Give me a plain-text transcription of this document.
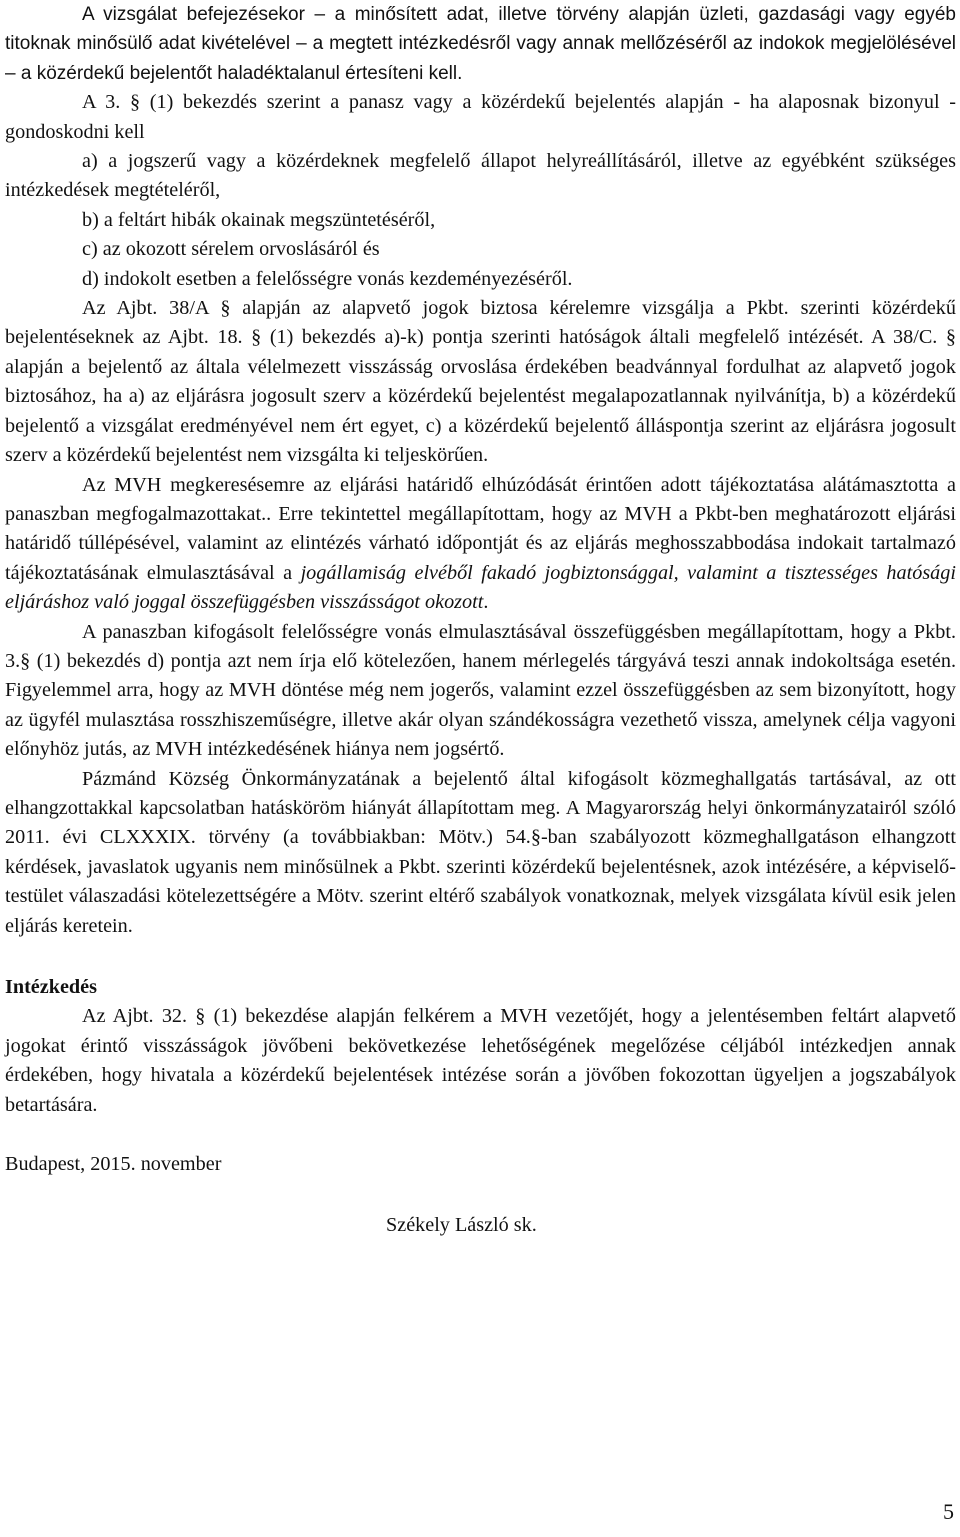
A vizsgálat befejezésekor – a minősített adat, illetve törvény alapján üzleti, gazdasági vagy egyéb titoknak minősülő adat kivételével – a megtett intézkedésről vagy annak mellőzéséről az indokok megjelölésével – a közérdekű bejelentőt haladéktalanul értesíteni kell.

A 3. § (1) bekezdés szerint a panasz vagy a közérdekű bejelentés alapján - ha alaposnak bizonyul - gondoskodni kell

a) a jogszerű vagy a közérdeknek megfelelő állapot helyreállításáról, illetve az egyébként szükséges intézkedések megtételéről,

b) a feltárt hibák okainak megszüntetéséről,

c) az okozott sérelem orvoslásáról és

d) indokolt esetben a felelősségre vonás kezdeményezéséről.

Az Ajbt. 38/A § alapján az alapvető jogok biztosa kérelemre vizsgálja a Pkbt. szerinti közérdekű bejelentéseknek az Ajbt. 18. § (1) bekezdés a)-k) pontja szerinti hatóságok általi megfelelő intézését. A 38/C. § alapján a bejelentő az általa vélelmezett visszásság orvoslása érdekében beadvánnyal fordulhat az alapvető jogok biztosához, ha a) az eljárásra jogosult szerv a közérdekű bejelentést megalapozatlannak nyilvánítja, b) a közérdekű bejelentő a vizsgálat eredményével nem ért egyet, c) a közérdekű bejelentő álláspontja szerint az eljárásra jogosult szerv a közérdekű bejelentést nem vizsgálta ki teljeskörűen.

Az MVH megkeresésemre az eljárási határidő elhúzódását érintően adott tájékoztatása alátámasztotta a panaszban megfogalmazottakat.. Erre tekintettel megállapítottam, hogy az MVH a Pkbt-ben meghatározott eljárási határidő túllépésével, valamint az elintézés várható időpontját és az eljárás meghosszabbodása indokait tartalmazó tájékoztatásának elmulasztásával a jogállamiság elvéből fakadó jogbiztonsággal, valamint a tisztességes hatósági eljáráshoz való joggal összefüggésben visszásságot okozott.

A panaszban kifogásolt felelősségre vonás elmulasztásával összefüggésben megállapítottam, hogy a Pkbt. 3.§ (1) bekezdés d) pontja azt nem írja elő kötelezően, hanem mérlegelés tárgyává teszi annak indokoltsága esetén. Figyelemmel arra, hogy az MVH döntése még nem jogerős, valamint ezzel összefüggésben az sem bizonyított, hogy az ügyfél mulasztása rosszhiszeműségre, illetve akár olyan szándékosságra vezethető vissza, amelynek célja vagyoni előnyhöz jutás, az MVH intézkedésének hiánya nem jogsértő.

Pázmánd Község Önkormányzatának a bejelentő által kifogásolt közmeghallgatás tartásával, az ott elhangzottakkal kapcsolatban hatásköröm hiányát állapítottam meg. A Magyarország helyi önkormányzatairól szóló 2011. évi CLXXXIX. törvény (a továbbiakban: Mötv.) 54.§-ban szabályozott közmeghallgatáson elhangzott kérdések, javaslatok ugyanis nem minősülnek a Pkbt. szerinti közérdekű bejelentésnek, azok intézésére, a képviselő-testület válaszadási kötelezettségére a Mötv. szerint eltérő szabályok vonatkoznak, melyek vizsgálata kívül esik jelen eljárás keretein.

Intézkedés

Az Ajbt. 32. § (1) bekezdése alapján felkérem a MVH vezetőjét, hogy a jelentésemben feltárt alapvető jogokat érintő visszásságok jövőbeni bekövetkezése lehetőségének megelőzése céljából intézkedjen annak érdekében, hogy hivatala a közérdekű bejelentések intézése során a jövőben fokozottan ügyeljen a jogszabályok betartására.

Budapest, 2015. november

Székely László sk.

5
